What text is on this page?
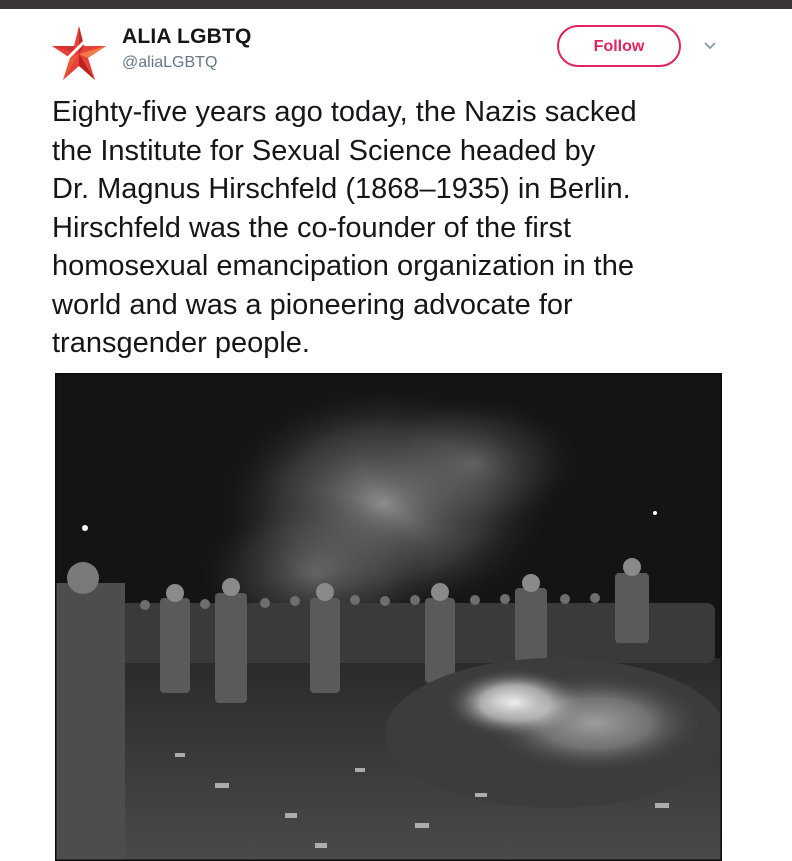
ALIA LGBTQ
@aliaLGBTQ
Follow

Eighty-five years ago today, the Nazis sacked
the Institute for Sexual Science headed by
Dr. Magnus Hirschfeld (1868–1935) in Berlin.
Hirschfeld was the co-founder of the first
homosexual emancipation organization in the
world and was a pioneering advocate for
transgender people.
